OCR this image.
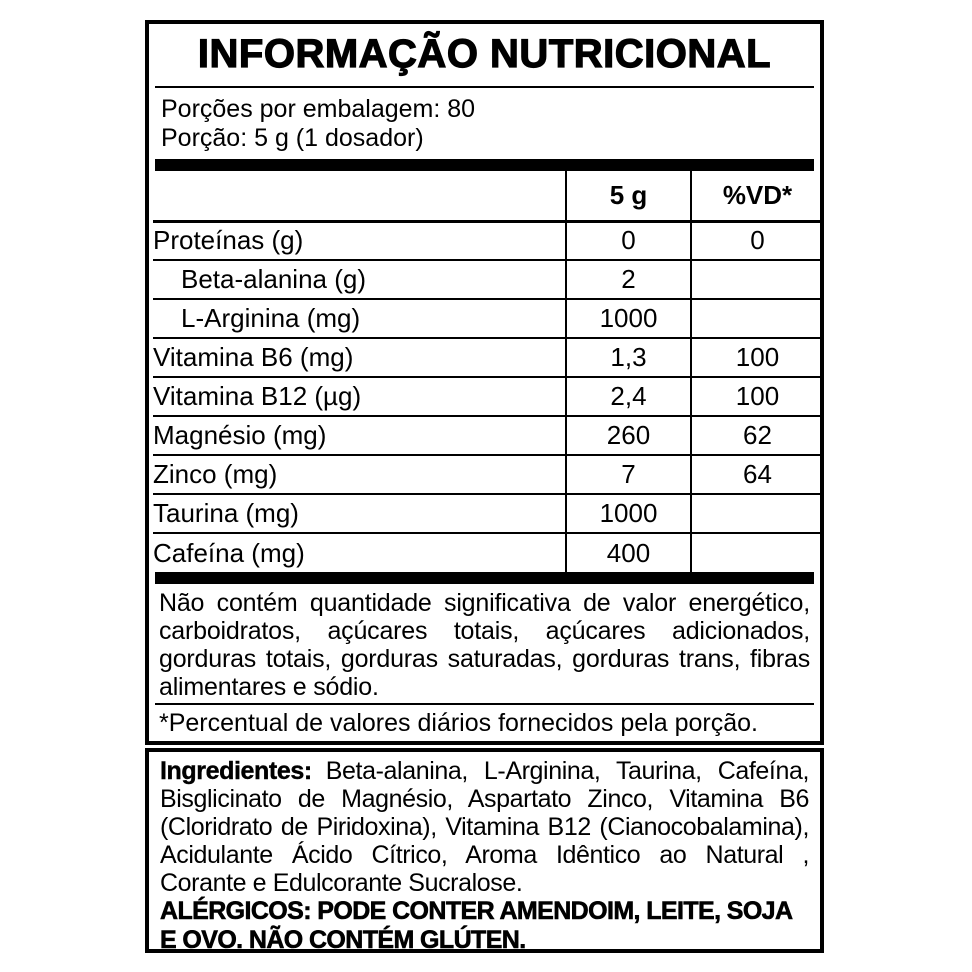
INFORMAÇÃO NUTRICIONAL
Porções por embalagem: 80
Porção: 5 g (1 dosador)
	5 g	%VD*
Proteínas (g)	0	0
Beta-alanina (g)	2	
L-Arginina (mg)	1000	
Vitamina B6 (mg)	1,3	100
Vitamina B12 (µg)	2,4	100
Magnésio (mg)	260	62
Zinco (mg)	7	64
Taurina (mg)	1000	
Cafeína (mg)	400	
Não contém quantidade significativa de valor energético, carboidratos, açúcares totais, açúcares adicionados, gorduras totais, gorduras saturadas, gorduras trans, fibras alimentares e sódio.
*Percentual de valores diários fornecidos pela porção.
Ingredientes: Beta-alanina, L-Arginina, Taurina, Cafeína, Bisglicinato de Magnésio, Aspartato Zinco, Vitamina B6 (Cloridrato de Piridoxina), Vitamina B12 (Cianocobalamina), Acidulante Ácido Cítrico, Aroma Idêntico ao Natural , Corante e Edulcorante Sucralose.
ALÉRGICOS: PODE CONTER AMENDOIM, LEITE, SOJA E OVO. NÃO CONTÉM GLÚTEN.
